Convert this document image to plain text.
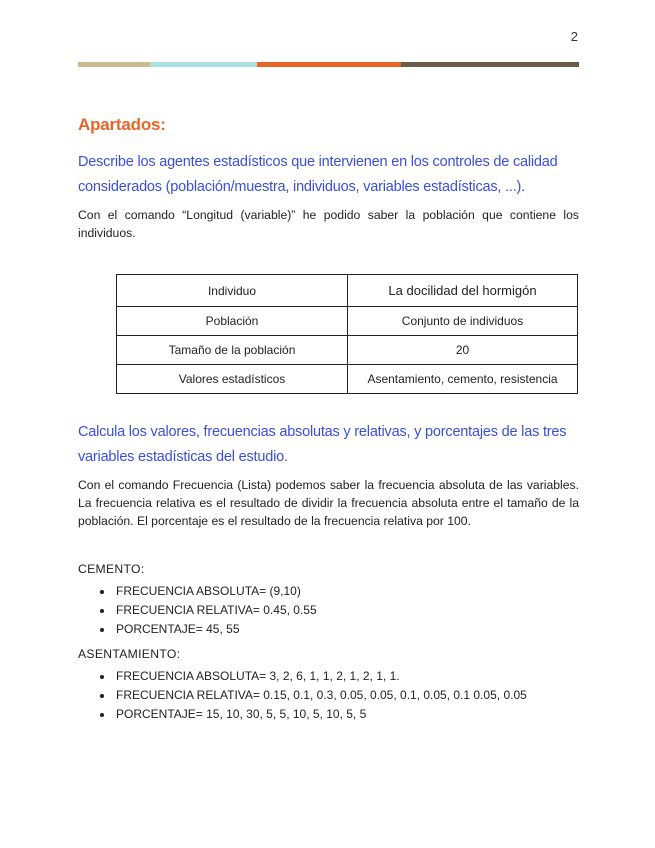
2
Apartados:

Describe los agentes estadísticos que intervienen en los controles de calidad considerados (población/muestra, individuos, variables estadísticas, ...).

Con el comando “Longitud (variable)” he podido saber la población que contiene los individuos.

Individuo	La docilidad del hormigón
Población	Conjunto de individuos
Tamaño de la población	20
Valores estadísticos	Asentamiento, cemento, resistencia

Calcula los valores, frecuencias absolutas y relativas, y porcentajes de las tres variables estadísticas del estudio.

Con el comando Frecuencia (Lista) podemos saber la frecuencia absoluta de las variables. La frecuencia relativa es el resultado de dividir la frecuencia absoluta entre el tamaño de la población. El porcentaje es el resultado de la frecuencia relativa por 100.

CEMENTO:

• FRECUENCIA ABSOLUTA= (9,10)
• FRECUENCIA RELATIVA= 0.45, 0.55
• PORCENTAJE= 45, 55

ASENTAMIENTO:

• FRECUENCIA ABSOLUTA= 3, 2, 6, 1, 1, 2, 1, 2, 1, 1.
• FRECUENCIA RELATIVA= 0.15, 0.1, 0.3, 0.05, 0.05, 0.1, 0.05, 0.1 0.05, 0.05
• PORCENTAJE= 15, 10, 30, 5, 5, 10, 5, 10, 5, 5
